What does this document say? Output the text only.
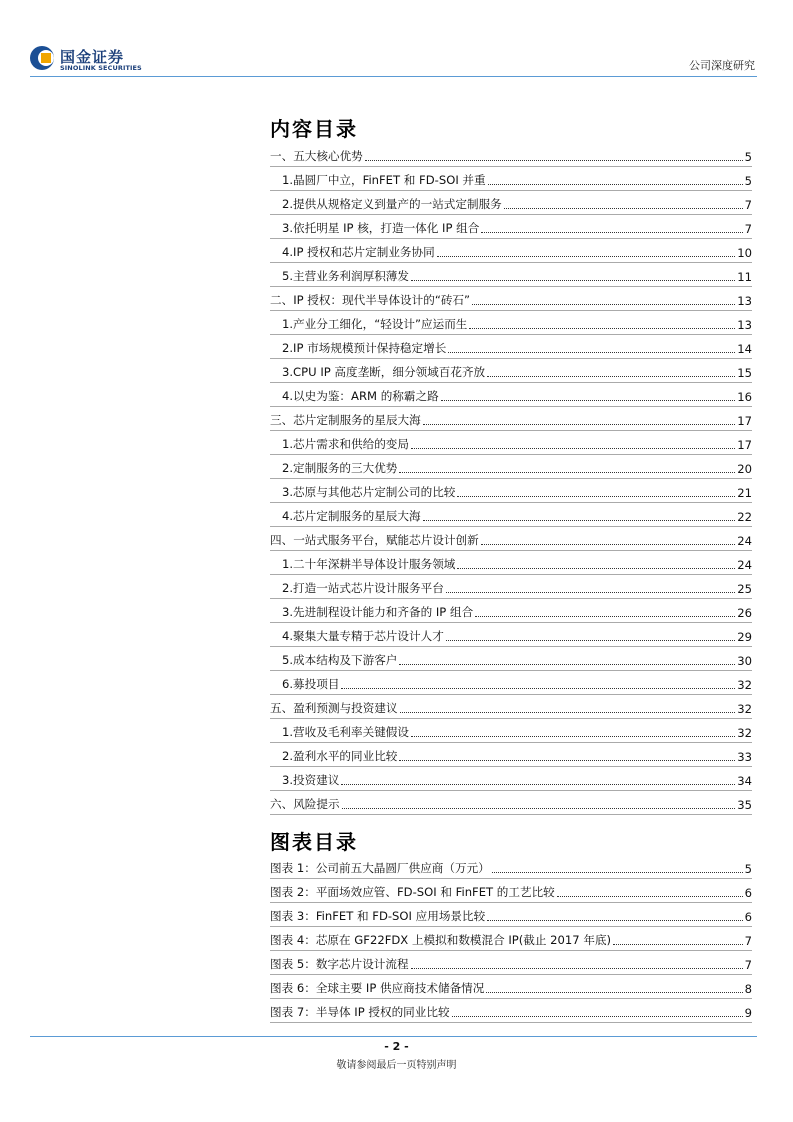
国金证券
SINOLINK SECURITIES	公司深度研究
内容目录
一、五大核心优势	5
1.晶圆厂中立，FinFET 和 FD-SOI 并重	5
2.提供从规格定义到量产的一站式定制服务	7
3.依托明星 IP 核，打造一体化 IP 组合	7
4.IP 授权和芯片定制业务协同	10
5.主营业务利润厚积薄发	11
二、IP 授权：现代半导体设计的“砖石”	13
1.产业分工细化，“轻设计”应运而生	13
2.IP 市场规模预计保持稳定增长	14
3.CPU IP 高度垄断，细分领域百花齐放	15
4.以史为鉴：ARM 的称霸之路	16
三、芯片定制服务的星辰大海	17
1.芯片需求和供给的变局	17
2.定制服务的三大优势	20
3.芯原与其他芯片定制公司的比较	21
4.芯片定制服务的星辰大海	22
四、一站式服务平台，赋能芯片设计创新	24
1.二十年深耕半导体设计服务领域	24
2.打造一站式芯片设计服务平台	25
3.先进制程设计能力和齐备的 IP 组合	26
4.聚集大量专精于芯片设计人才	29
5.成本结构及下游客户	30
6.募投项目	32
五、盈利预测与投资建议	32
1.营收及毛利率关键假设	32
2.盈利水平的同业比较	33
3.投资建议	34
六、风险提示	35
图表目录
图表 1：公司前五大晶圆厂供应商（万元）	5
图表 2：平面场效应管、FD-SOI 和 FinFET 的工艺比较	6
图表 3：FinFET 和 FD-SOI 应用场景比较	6
图表 4：芯原在 GF22FDX 上模拟和数模混合 IP(截止 2017 年底)	7
图表 5：数字芯片设计流程	7
图表 6：全球主要 IP 供应商技术储备情况	8
图表 7：半导体 IP 授权的同业比较	9
- 2 -
敬请参阅最后一页特别声明
